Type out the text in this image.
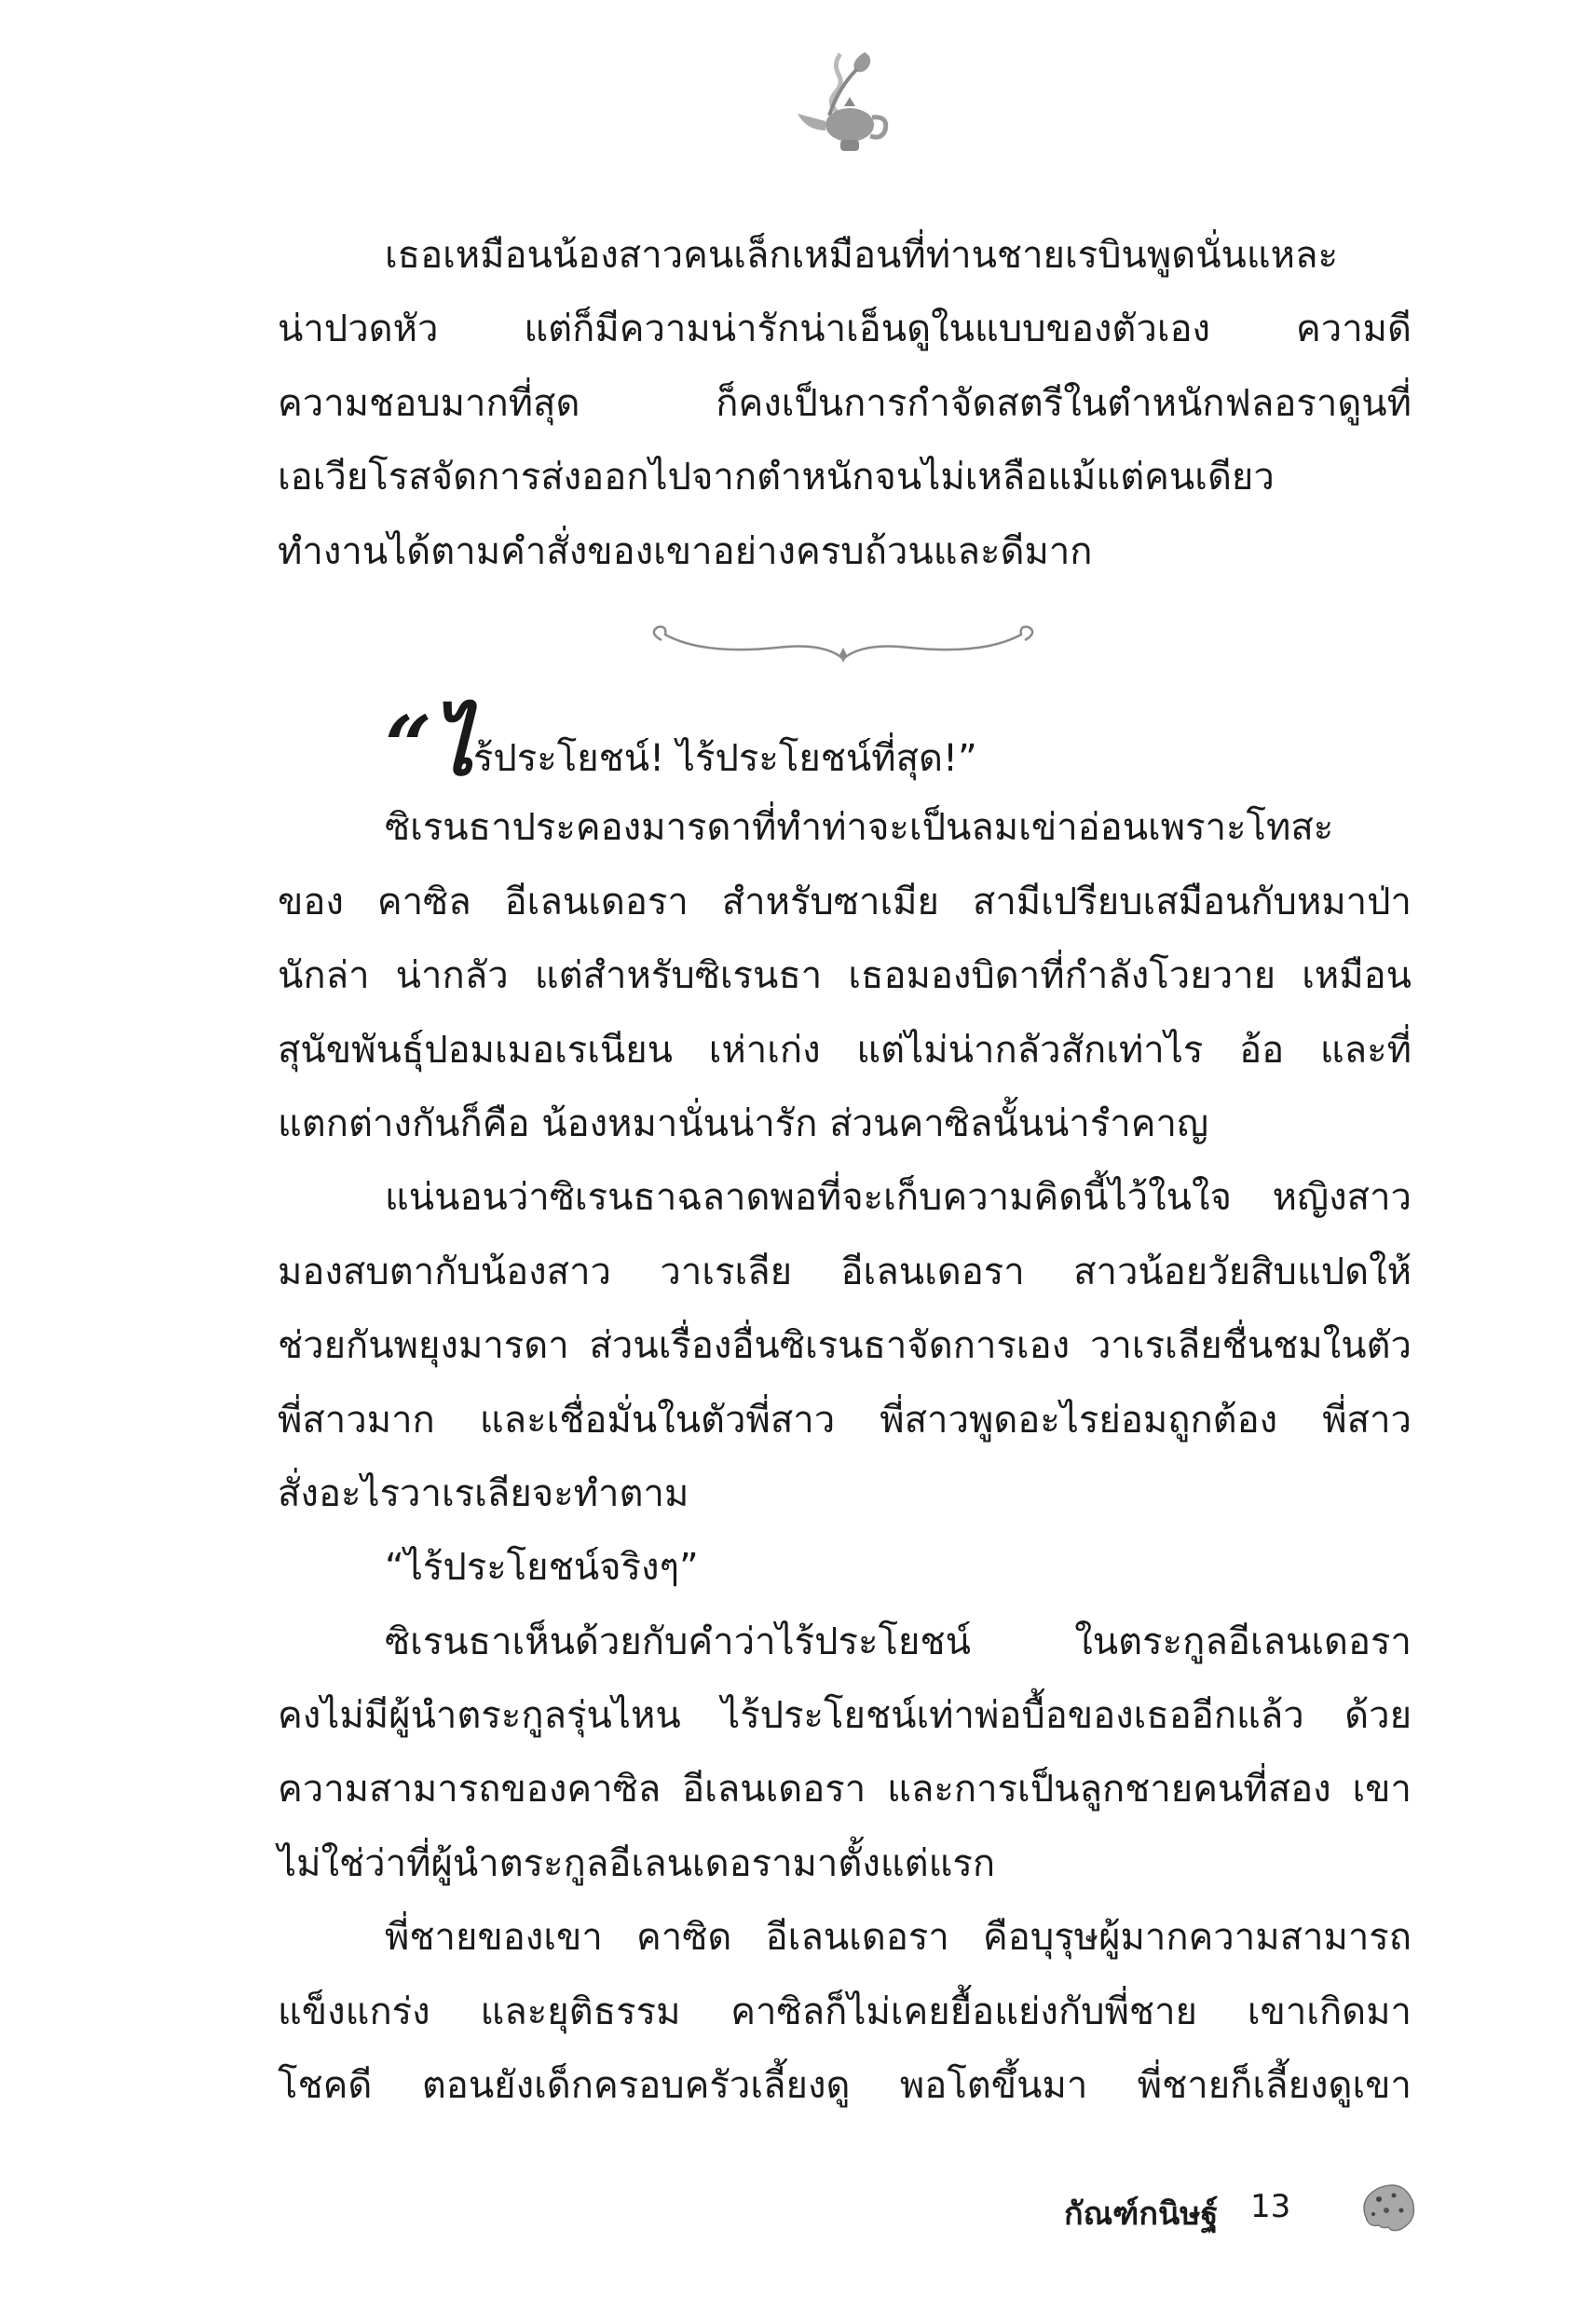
เธอเหมือนน้องสาวคนเล็กเหมือนที่ท่านชายเรบินพูดนั่นแหละ
น่าปวดหัว แต่ก็มีความน่ารักน่าเอ็นดูในแบบของตัวเอง ความดี
ความชอบมากที่สุด ก็คงเป็นการกำจัดสตรีในตำหนักฟลอราดูนที่
เอเวียโรสจัดการส่งออกไปจากตำหนักจนไม่เหลือแม้แต่คนเดียว
ทำงานได้ตามคำสั่งของเขาอย่างครบถ้วนและดีมาก
“ไร้ประโยชน์! ไร้ประโยชน์ที่สุด!”
ซิเรนธาประคองมารดาที่ทำท่าจะเป็นลมเข่าอ่อนเพราะโทสะ
ของ คาซิล อีเลนเดอรา สำหรับซาเมีย สามีเปรียบเสมือนกับหมาป่า
นักล่า น่ากลัว แต่สำหรับซิเรนธา เธอมองบิดาที่กำลังโวยวาย เหมือน
สุนัขพันธุ์ปอมเมอเรเนียน เห่าเก่ง แต่ไม่น่ากลัวสักเท่าไร อ้อ และที่
แตกต่างกันก็คือ น้องหมานั่นน่ารัก ส่วนคาซิลนั้นน่ารำคาญ
แน่นอนว่าซิเรนธาฉลาดพอที่จะเก็บความคิดนี้ไว้ในใจ หญิงสาว
มองสบตากับน้องสาว วาเรเลีย อีเลนเดอรา สาวน้อยวัยสิบแปดให้
ช่วยกันพยุงมารดา ส่วนเรื่องอื่นซิเรนธาจัดการเอง วาเรเลียชื่นชมในตัว
พี่สาวมาก และเชื่อมั่นในตัวพี่สาว พี่สาวพูดอะไรย่อมถูกต้อง พี่สาว
สั่งอะไรวาเรเลียจะทำตาม
“ไร้ประโยชน์จริงๆ”
ซิเรนธาเห็นด้วยกับคำว่าไร้ประโยชน์ ในตระกูลอีเลนเดอรา
คงไม่มีผู้นำตระกูลรุ่นไหน ไร้ประโยชน์เท่าพ่อบื้อของเธออีกแล้ว ด้วย
ความสามารถของคาซิล อีเลนเดอรา และการเป็นลูกชายคนที่สอง เขา
ไม่ใช่ว่าที่ผู้นำตระกูลอีเลนเดอรามาตั้งแต่แรก
พี่ชายของเขา คาซิด อีเลนเดอรา คือบุรุษผู้มากความสามารถ
แข็งแกร่ง และยุติธรรม คาซิลก็ไม่เคยยื้อแย่งกับพี่ชาย เขาเกิดมา
โชคดี ตอนยังเด็กครอบครัวเลี้ยงดู พอโตขึ้นมา พี่ชายก็เลี้ยงดูเขา
กัณฑ์กนิษฐ์ 13
